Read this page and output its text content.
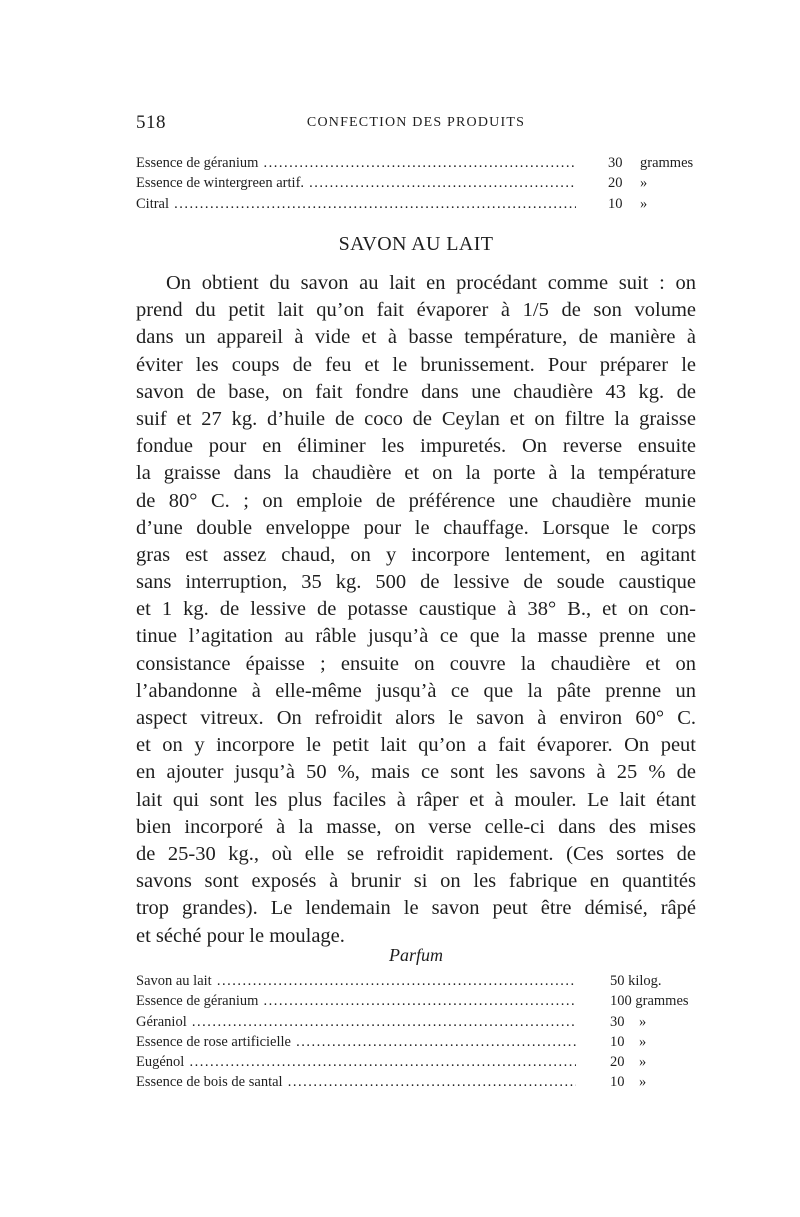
518	CONFECTION DES PRODUITS
Essence de géranium .....	30	grammes
Essence de wintergreen artif. .....	20	»
Citral .....	10	»
SAVON AU LAIT
On obtient du savon au lait en procédant comme suit : on
prend du petit lait qu’on fait évaporer à 1/5 de son volume
dans un appareil à vide et à basse température, de manière à
éviter les coups de feu et le brunissement. Pour préparer le
savon de base, on fait fondre dans une chaudière 43 kg. de
suif et 27 kg. d’huile de coco de Ceylan et on filtre la graisse
fondue pour en éliminer les impuretés. On reverse ensuite
la graisse dans la chaudière et on la porte à la température
de 80° C. ; on emploie de préférence une chaudière munie
d’une double enveloppe pour le chauffage. Lorsque le corps
gras est assez chaud, on y incorpore lentement, en agitant
sans interruption, 35 kg. 500 de lessive de soude caustique
et 1 kg. de lessive de potasse caustique à 38° B., et on con-
tinue l’agitation au râble jusqu’à ce que la masse prenne une
consistance épaisse ; ensuite on couvre la chaudière et on
l’abandonne à elle-même jusqu’à ce que la pâte prenne un
aspect vitreux. On refroidit alors le savon à environ 60° C.
et on y incorpore le petit lait qu’on a fait évaporer. On peut
en ajouter jusqu’à 50 %, mais ce sont les savons à 25 % de
lait qui sont les plus faciles à râper et à mouler. Le lait étant
bien incorporé à la masse, on verse celle-ci dans des mises
de 25-30 kg., où elle se refroidit rapidement. (Ces sortes de
savons sont exposés à brunir si on les fabrique en quantités
trop grandes). Le lendemain le savon peut être démisé, râpé
et séché pour le moulage.
Parfum
Savon au lait .....	50 kilog.
Essence de géranium .....	100 grammes
Géraniol .....	30	»
Essence de rose artificielle .....	10	»
Eugénol .....	20	»
Essence de bois de santal .....	10	»
